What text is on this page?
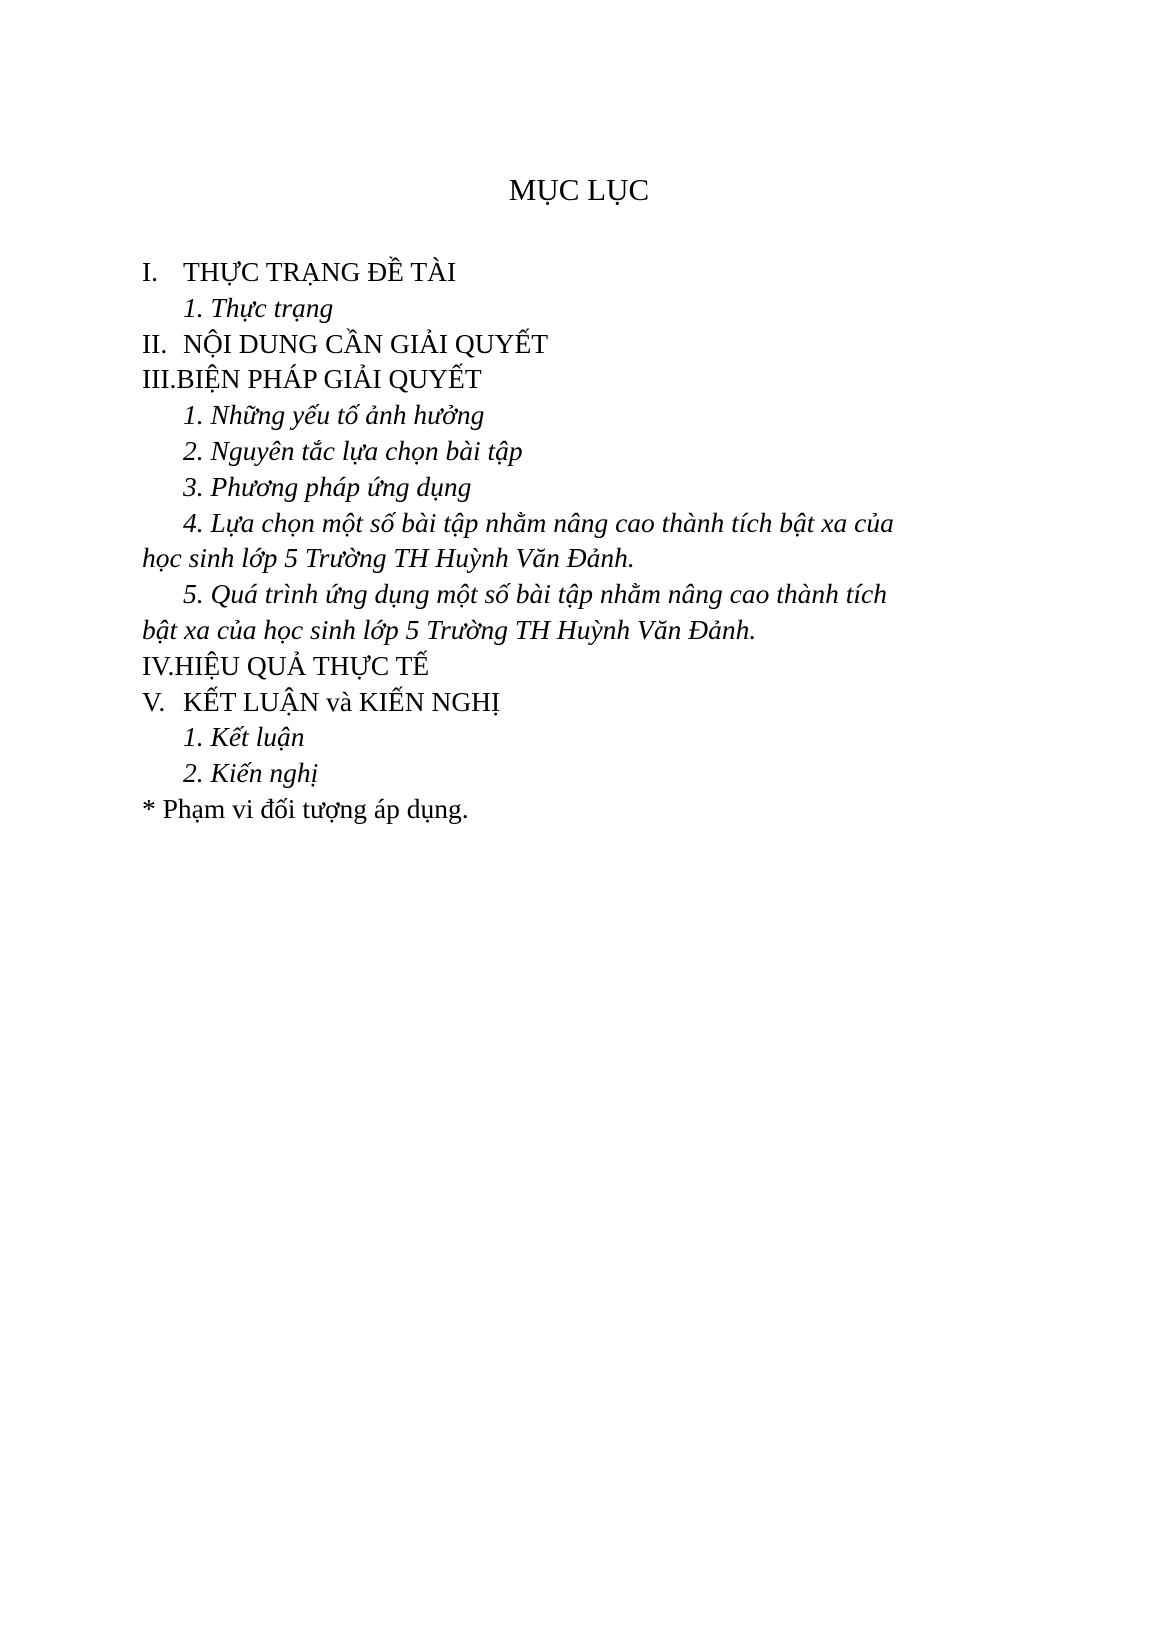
MỤC LỤC
I. THỰC TRẠNG ĐỀ TÀI
1. Thực trạng
II. NỘI DUNG CẦN GIẢI QUYẾT
III.BIỆN PHÁP GIẢI QUYẾT
1. Những yếu tố ảnh hưởng
2. Nguyên tắc lựa chọn bài tập
3. Phương pháp ứng dụng
4. Lựa chọn một số bài tập nhằm nâng cao thành tích bật xa của
học sinh lớp 5 Trường TH Huỳnh Văn Đảnh.
5. Quá trình ứng dụng một số bài tập nhằm nâng cao thành tích
bật xa của học sinh lớp 5 Trường TH Huỳnh Văn Đảnh.
IV.HIỆU QUẢ THỰC TẾ
V. KẾT LUẬN và KIẾN NGHỊ
1. Kết luận
2. Kiến nghị
* Phạm vi đối tượng áp dụng.
